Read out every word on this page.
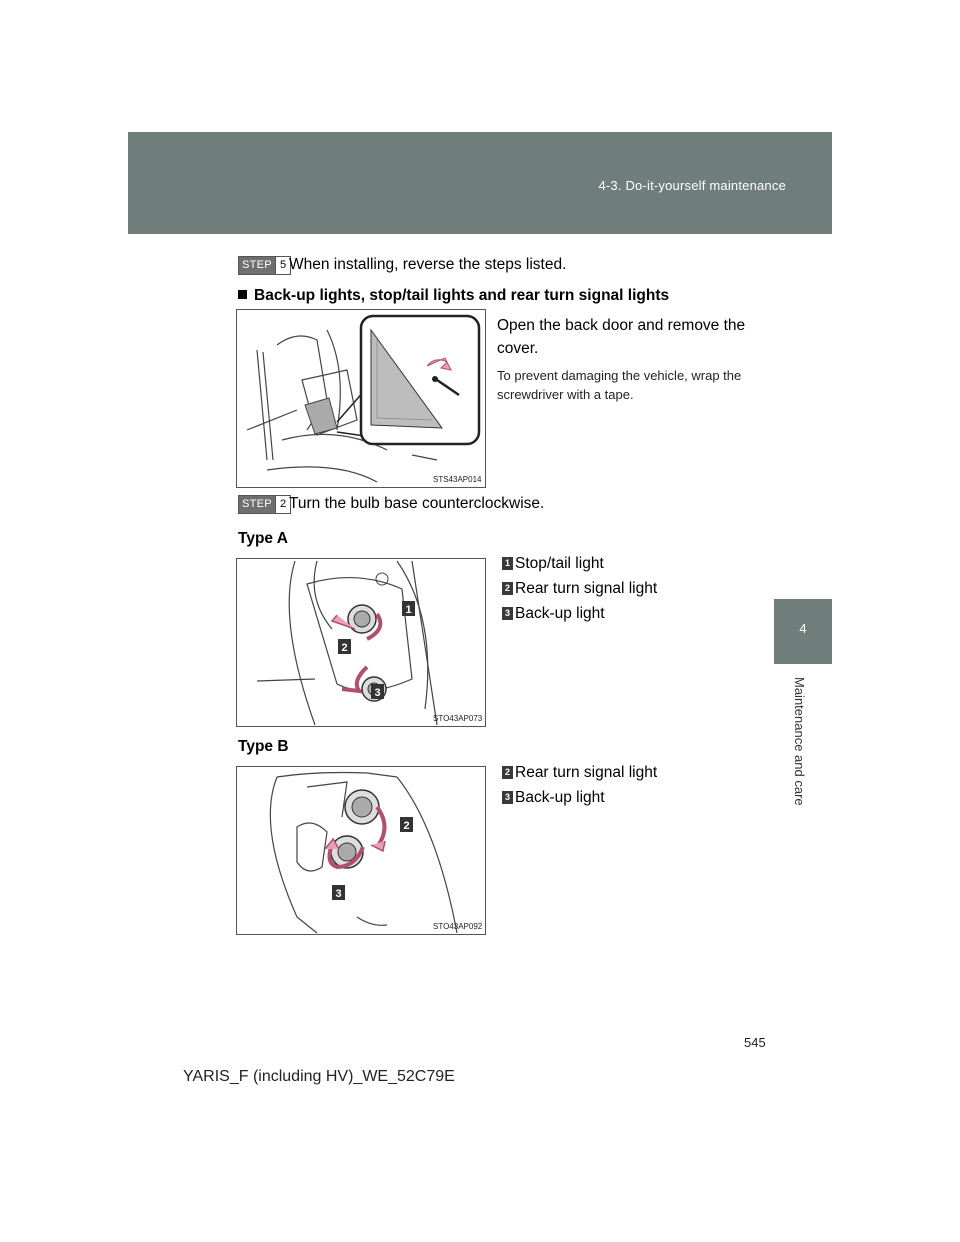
4-3. Do-it-yourself maintenance
4
Maintenance and care
STEP 5 When installing, reverse the steps listed.
Back-up lights, stop/tail lights and rear turn signal lights
STS43AP014
Open the back door and remove the cover.
To prevent damaging the vehicle, wrap the screwdriver with a tape.
STEP 2 Turn the bulb base counterclockwise.
Type A
1
2
3
STO43AP073
1 Stop/tail light
2 Rear turn signal light
3 Back-up light
Type B
2
3
STO43AP092
2 Rear turn signal light
3 Back-up light
545
YARIS_F (including HV)_WE_52C79E
